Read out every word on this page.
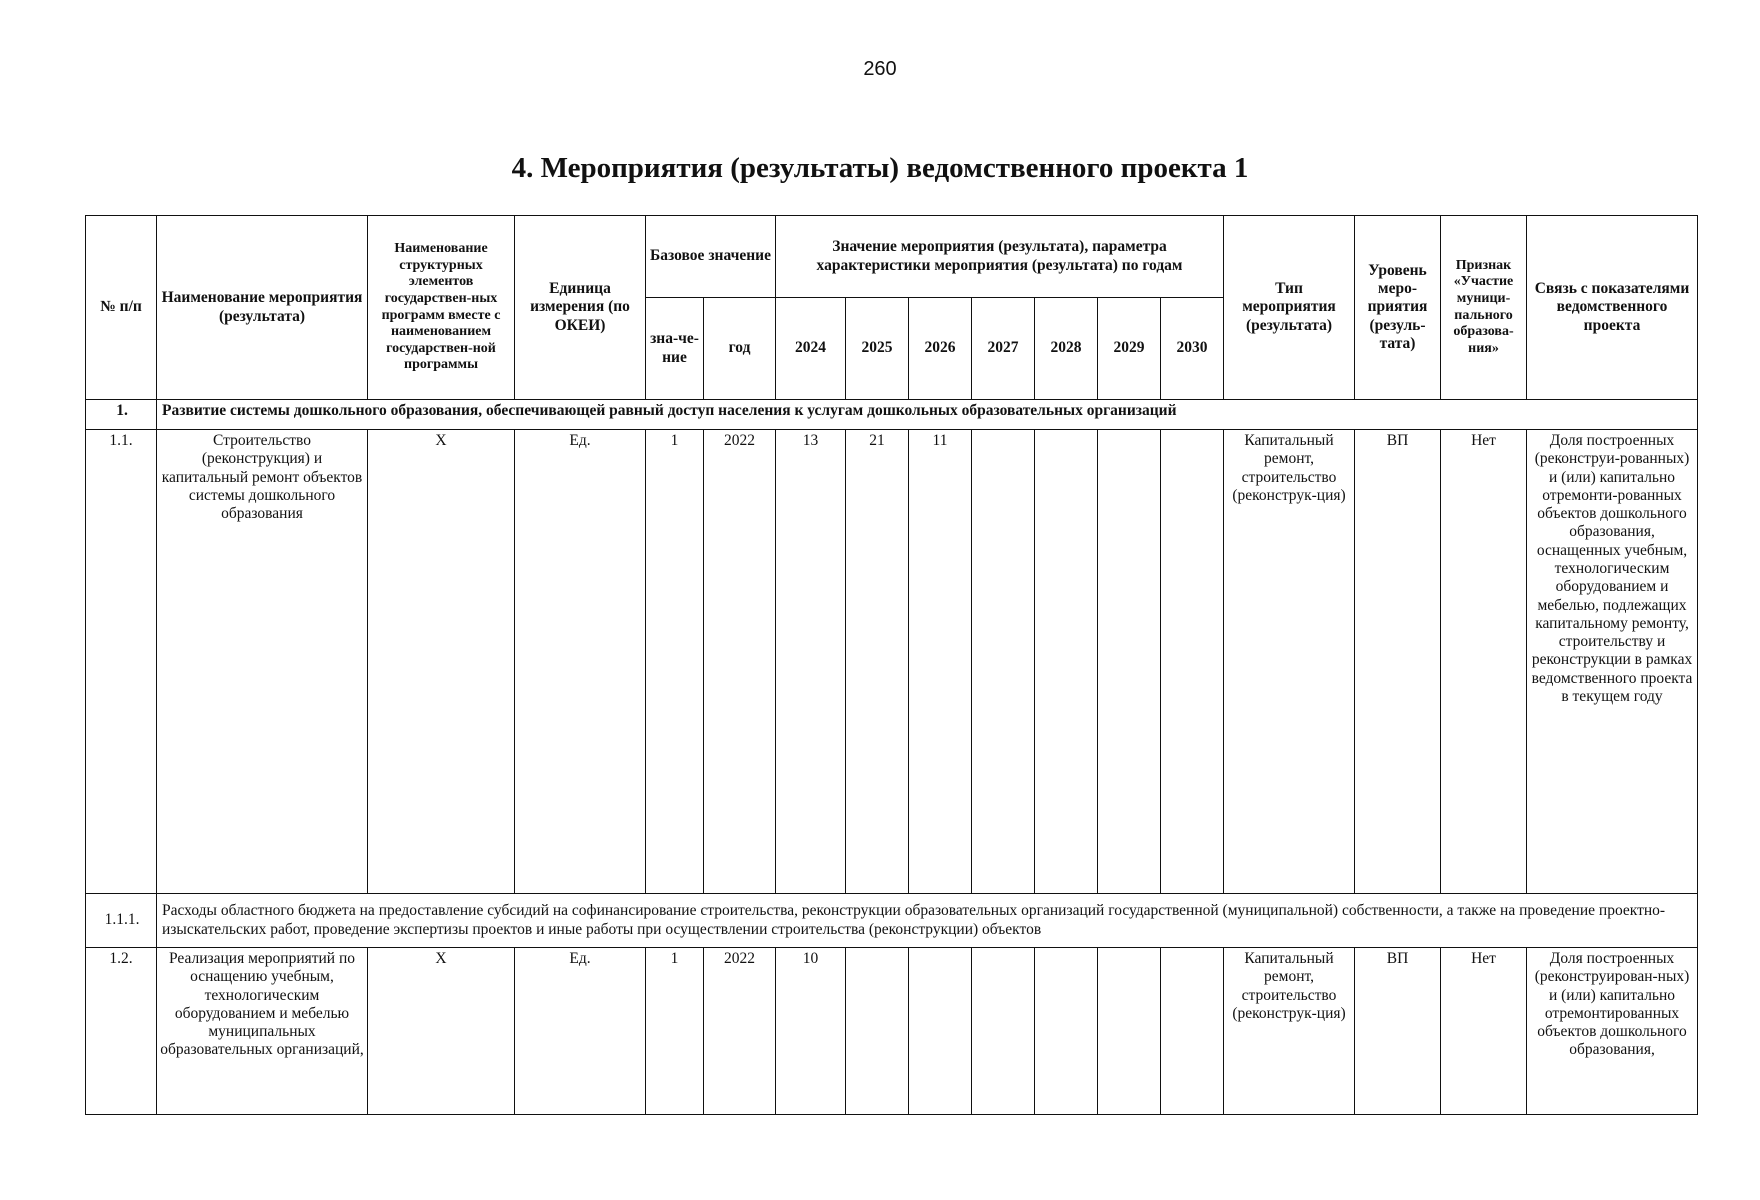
260
4. Мероприятия (результаты) ведомственного проекта 1
№ п/п	Наименование мероприятия (результата)	Наименование структурных элементов государствен-ных программ вместе с наименованием государствен-ной программы	Единица измерения (по ОКЕИ)	Базовое значение		Значение мероприятия (результата), параметра характеристики мероприятия (результата) по годам							Тип мероприятия (результата)	Уровень меро-приятия (резуль-тата)	Признак «Участие муници-пального образова-ния»	Связь с показателями ведомственного проекта
				зна-че-ние	год	2024	2025	2026	2027	2028	2029	2030				
1.	Развитие системы дошкольного образования, обеспечивающей равный доступ населения к услугам дошкольных образовательных организаций															
1.1.	Строительство (реконструкция) и капитальный ремонт объектов системы дошкольного образования	Х	Ед.	1	2022	13	21	11					Капитальный ремонт, строительство (реконструк-ция)	ВП	Нет	Доля построенных (реконструи-рованных) и (или) капитально отремонти-рованных объектов дошкольного образования, оснащенных учебным, технологическим оборудованием и мебелью, подлежащих капитальному ремонту, строительству и реконструкции в рамках ведомственного проекта в текущем году
1.1.1.	Расходы областного бюджета на предоставление субсидий на софинансирование строительства, реконструкции образовательных организаций государственной (муниципальной) собственности, а также на проведение проектно-изыскательских работ, проведение экспертизы проектов и иные работы при осуществлении строительства (реконструкции) объектов															
1.2.	Реализация мероприятий по оснащению учебным, технологическим оборудованием и мебелью муниципальных образовательных организаций,	Х	Ед.	1	2022	10							Капитальный ремонт, строительство (реконструк-ция)	ВП	Нет	Доля построенных (реконструирован-ных) и (или) капитально отремонтированных объектов дошкольного образования,
